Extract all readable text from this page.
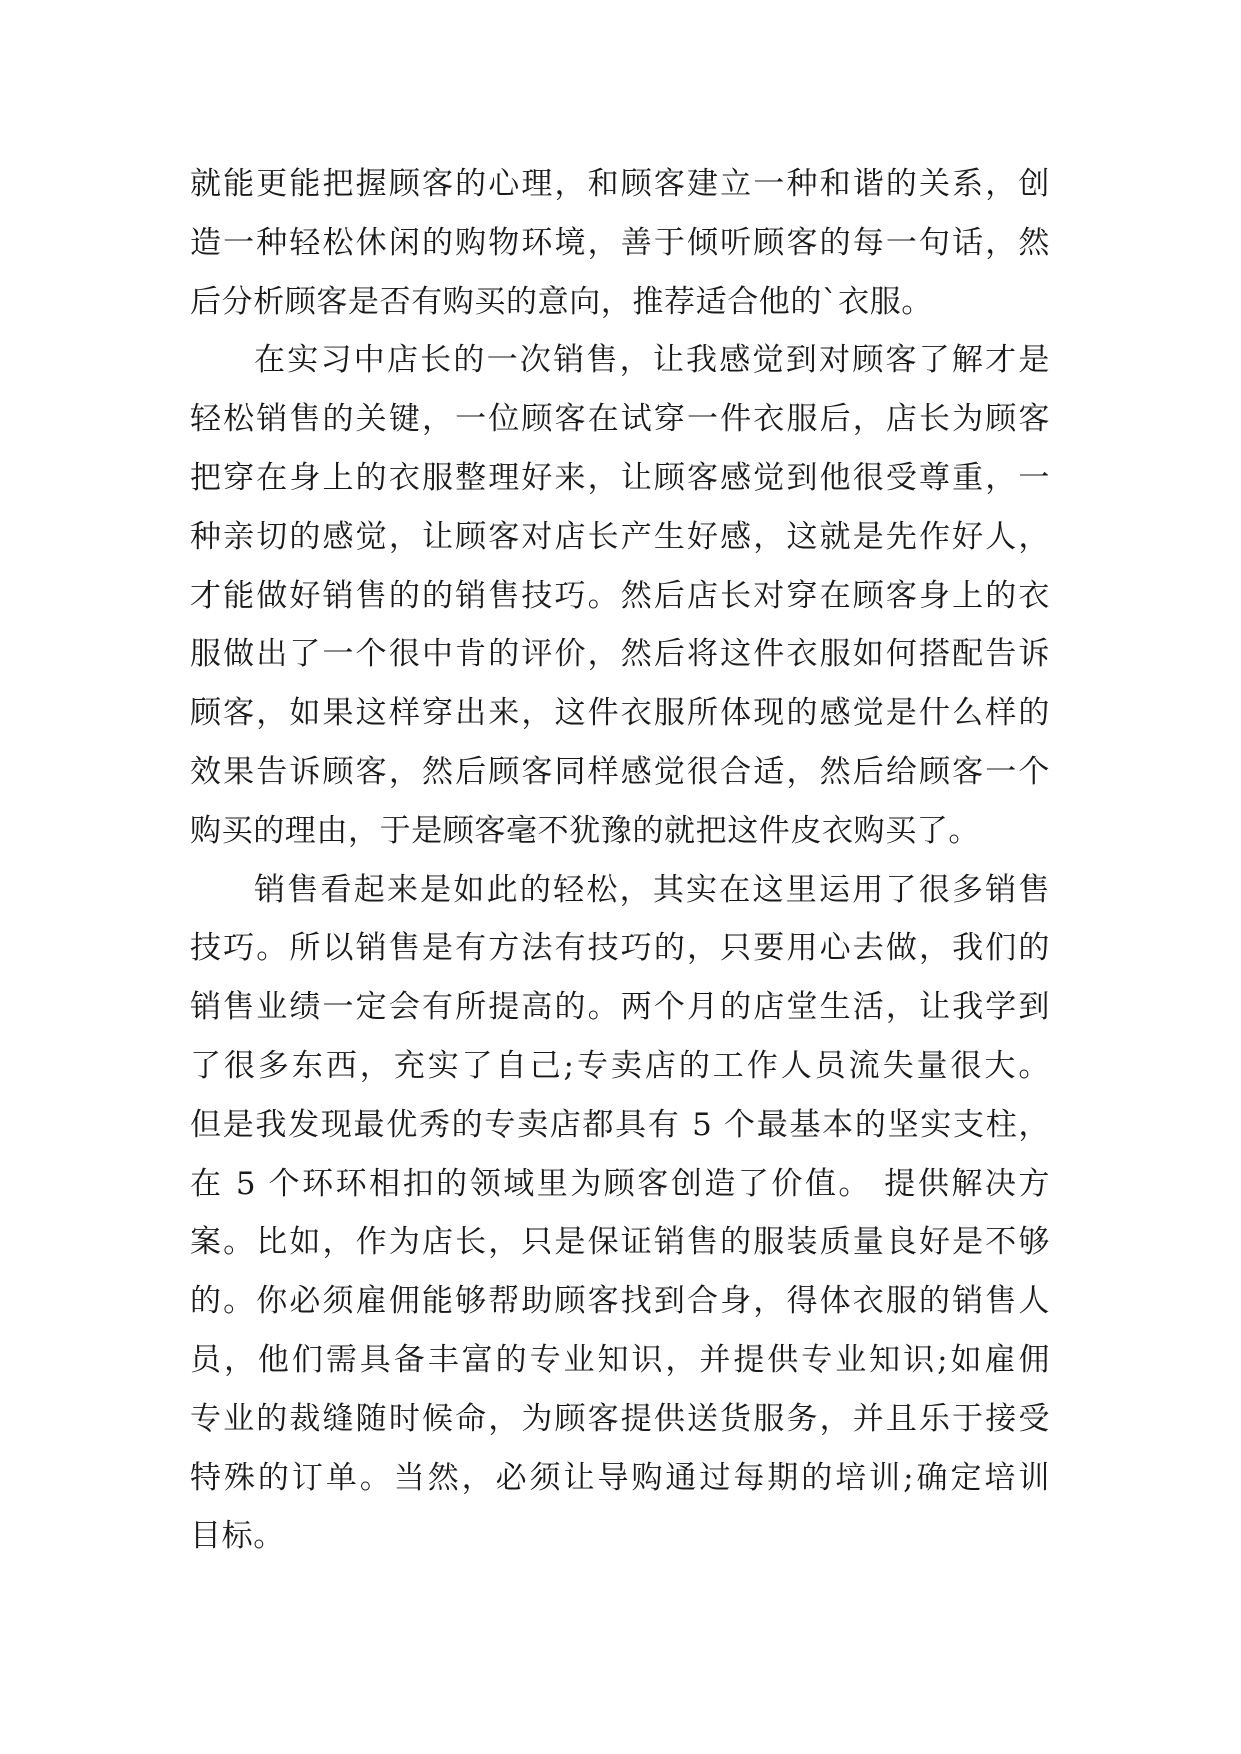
就能更能把握顾客的心理，和顾客建立一种和谐的关系，创
造一种轻松休闲的购物环境，善于倾听顾客的每一句话，然
后分析顾客是否有购买的意向，推荐适合他的`衣服。
在实习中店长的一次销售，让我感觉到对顾客了解才是
轻松销售的关键，一位顾客在试穿一件衣服后，店长为顾客
把穿在身上的衣服整理好来，让顾客感觉到他很受尊重，一
种亲切的感觉，让顾客对店长产生好感，这就是先作好人，
才能做好销售的的销售技巧。然后店长对穿在顾客身上的衣
服做出了一个很中肯的评价，然后将这件衣服如何搭配告诉
顾客，如果这样穿出来，这件衣服所体现的感觉是什么样的
效果告诉顾客，然后顾客同样感觉很合适，然后给顾客一个
购买的理由，于是顾客毫不犹豫的就把这件皮衣购买了。
销售看起来是如此的轻松，其实在这里运用了很多销售
技巧。所以销售是有方法有技巧的，只要用心去做，我们的
销售业绩一定会有所提高的。两个月的店堂生活，让我学到
了很多东西，充实了自己;专卖店的工作人员流失量很大。
但是我发现最优秀的专卖店都具有 5 个最基本的坚实支柱，
在 5 个环环相扣的领域里为顾客创造了价值。 提供解决方
案。比如，作为店长，只是保证销售的服装质量良好是不够
的。你必须雇佣能够帮助顾客找到合身，得体衣服的销售人
员，他们需具备丰富的专业知识，并提供专业知识;如雇佣
专业的裁缝随时候命，为顾客提供送货服务，并且乐于接受
特殊的订单。当然，必须让导购通过每期的培训;确定培训
目标。
